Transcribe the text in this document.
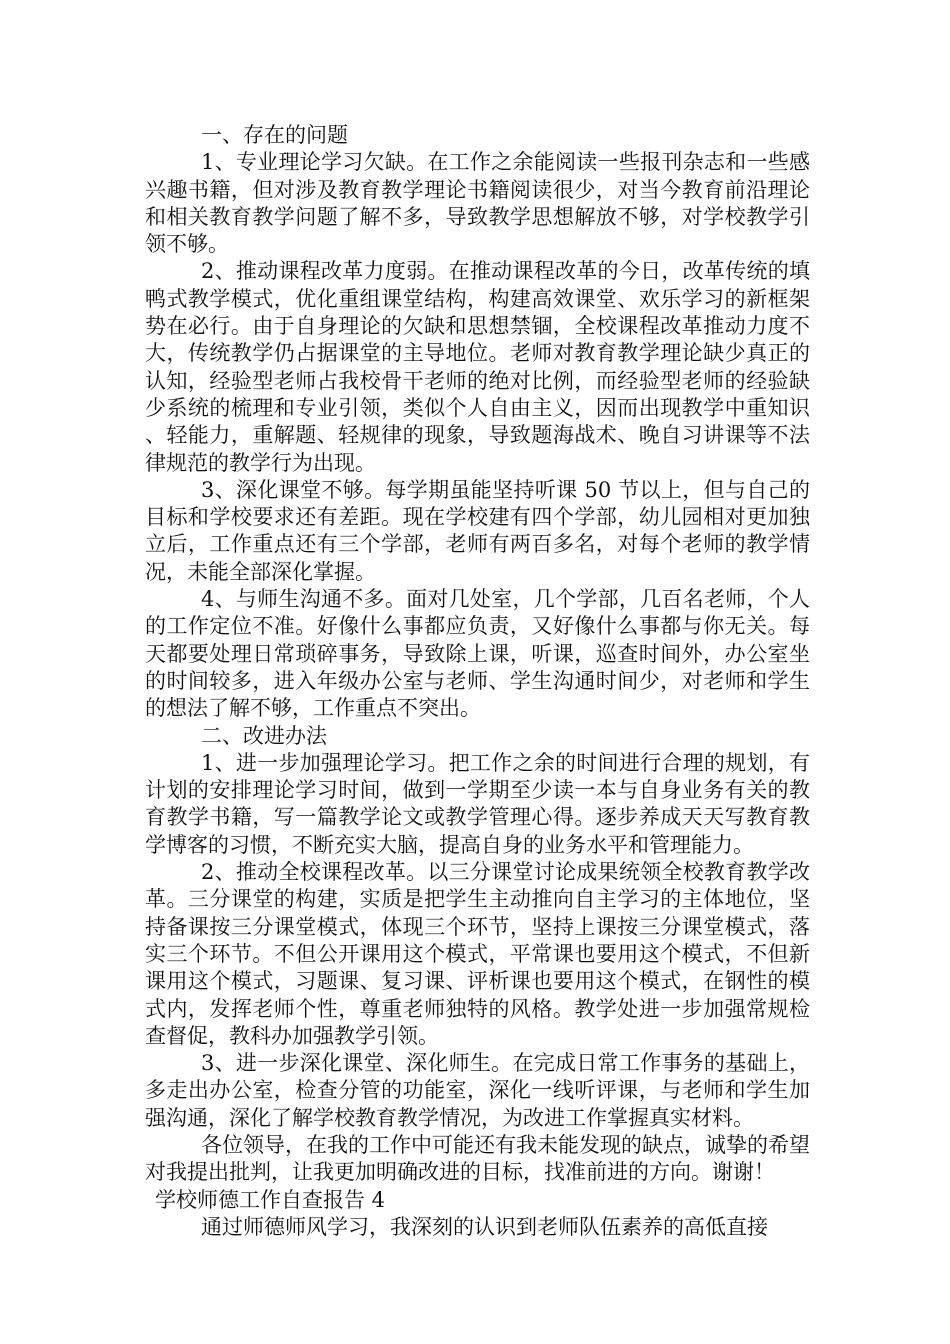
一、存在的问题

1、专业理论学习欠缺。在工作之余能阅读一些报刊杂志和一些感兴趣书籍，但对涉及教育教学理论书籍阅读很少，对当今教育前沿理论和相关教育教学问题了解不多，导致教学思想解放不够，对学校教学引领不够。

2、推动课程改革力度弱。在推动课程改革的今日，改革传统的填鸭式教学模式，优化重组课堂结构，构建高效课堂、欢乐学习的新框架势在必行。由于自身理论的欠缺和思想禁锢，全校课程改革推动力度不大，传统教学仍占据课堂的主导地位。老师对教育教学理论缺少真正的认知，经验型老师占我校骨干老师的绝对比例，而经验型老师的经验缺少系统的梳理和专业引领，类似个人自由主义，因而出现教学中重知识、轻能力，重解题、轻规律的现象，导致题海战术、晚自习讲课等不法律规范的教学行为出现。

3、深化课堂不够。每学期虽能坚持听课 50 节以上，但与自己的目标和学校要求还有差距。现在学校建有四个学部，幼儿园相对更加独立后，工作重点还有三个学部，老师有两百多名，对每个老师的教学情况，未能全部深化掌握。

4、与师生沟通不多。面对几处室，几个学部，几百名老师，个人的工作定位不准。好像什么事都应负责，又好像什么事都与你无关。每天都要处理日常琐碎事务，导致除上课，听课，巡查时间外，办公室坐的时间较多，进入年级办公室与老师、学生沟通时间少，对老师和学生的想法了解不够，工作重点不突出。

二、改进办法

1、进一步加强理论学习。把工作之余的时间进行合理的规划，有计划的安排理论学习时间，做到一学期至少读一本与自身业务有关的教育教学书籍，写一篇教学论文或教学管理心得。逐步养成天天写教育教学博客的习惯，不断充实大脑，提高自身的业务水平和管理能力。

2、推动全校课程改革。以三分课堂讨论成果统领全校教育教学改革。三分课堂的构建，实质是把学生主动推向自主学习的主体地位，坚持备课按三分课堂模式，体现三个环节，坚持上课按三分课堂模式，落实三个环节。不但公开课用这个模式，平常课也要用这个模式，不但新课用这个模式，习题课、复习课、评析课也要用这个模式，在钢性的模式内，发挥老师个性，尊重老师独特的风格。教学处进一步加强常规检查督促，教科办加强教学引领。

3、进一步深化课堂、深化师生。在完成日常工作事务的基础上，多走出办公室，检查分管的功能室，深化一线听评课，与老师和学生加强沟通，深化了解学校教育教学情况，为改进工作掌握真实材料。

各位领导，在我的工作中可能还有我未能发现的缺点，诚挚的希望对我提出批判，让我更加明确改进的目标，找准前进的方向。谢谢！

学校师德工作自查报告 4

通过师德师风学习，我深刻的认识到老师队伍素养的高低直接
